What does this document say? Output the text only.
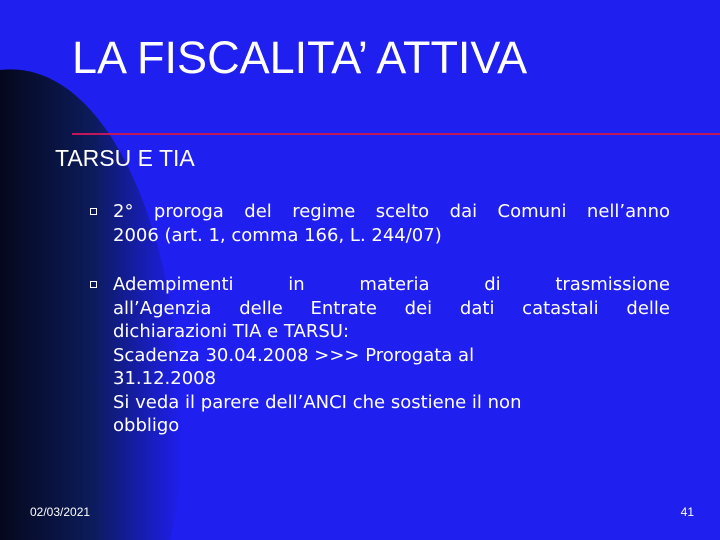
LA FISCALITA’ ATTIVA
TARSU E TIA
2° proroga del regime scelto dai Comuni nell’anno
2006 (art. 1, comma 166, L. 244/07)
Adempimenti in materia di trasmissione
all’Agenzia delle Entrate dei dati catastali delle
dichiarazioni TIA e TARSU:
Scadenza 30.04.2008 >>> Prorogata al
31.12.2008
Si veda il parere dell’ANCI che sostiene il non
obbligo
02/03/2021	41
